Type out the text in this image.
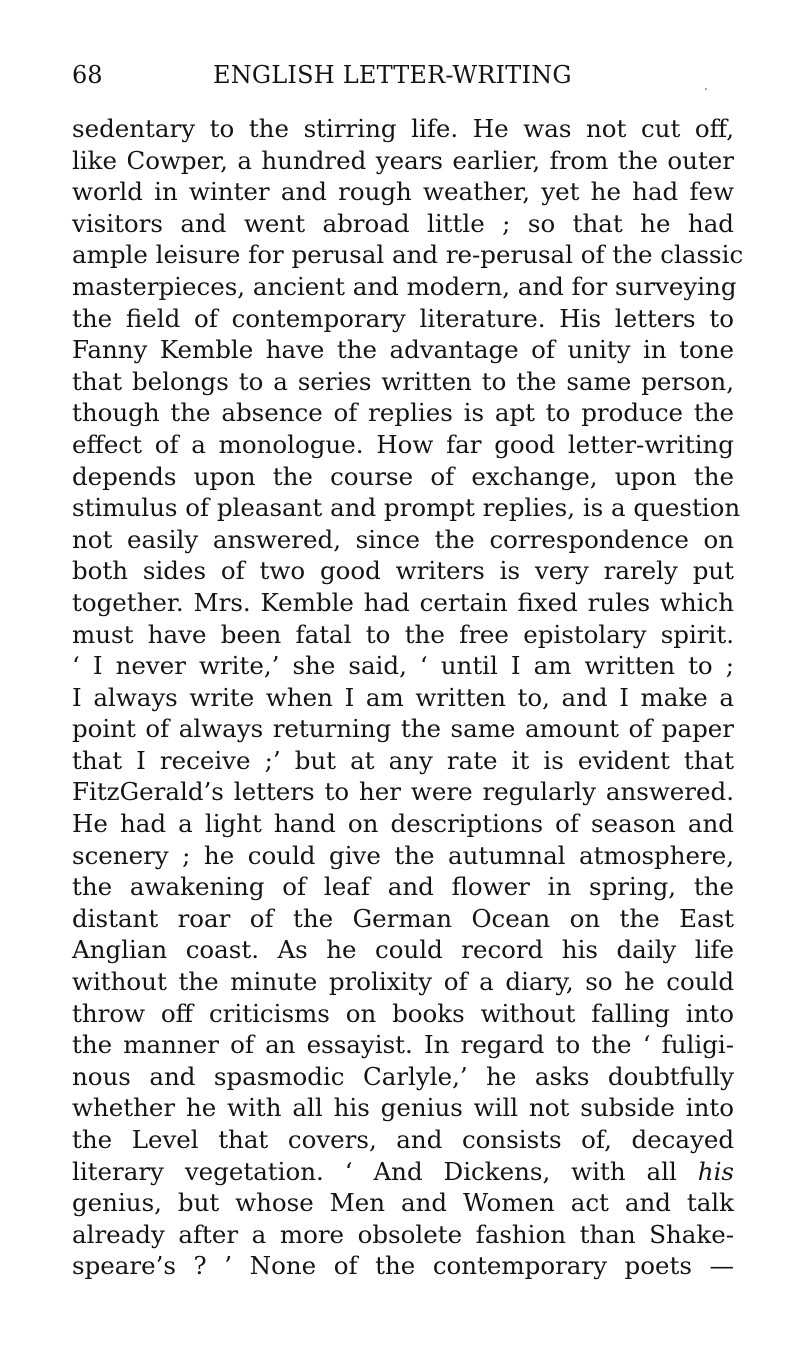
68	ENGLISH LETTER-WRITING
sedentary to the stirring life. He was not cut off,
like Cowper, a hundred years earlier, from the outer
world in winter and rough weather, yet he had few
visitors and went abroad little ; so that he had
ample leisure for perusal and re-perusal of the classic
masterpieces, ancient and modern, and for surveying
the field of contemporary literature. His letters to
Fanny Kemble have the advantage of unity in tone
that belongs to a series written to the same person,
though the absence of replies is apt to produce the
effect of a monologue. How far good letter-writing
depends upon the course of exchange, upon the
stimulus of pleasant and prompt replies, is a question
not easily answered, since the correspondence on
both sides of two good writers is very rarely put
together. Mrs. Kemble had certain fixed rules which
must have been fatal to the free epistolary spirit.
‘ I never write,’ she said, ‘ until I am written to ;
I always write when I am written to, and I make a
point of always returning the same amount of paper
that I receive ;’ but at any rate it is evident that
FitzGerald’s letters to her were regularly answered.
He had a light hand on descriptions of season and
scenery ; he could give the autumnal atmosphere,
the awakening of leaf and flower in spring, the
distant roar of the German Ocean on the East
Anglian coast. As he could record his daily life
without the minute prolixity of a diary, so he could
throw off criticisms on books without falling into
the manner of an essayist. In regard to the ‘ fuligi-
nous and spasmodic Carlyle,’ he asks doubtfully
whether he with all his genius will not subside into
the Level that covers, and consists of, decayed
literary vegetation. ‘ And Dickens, with all his
genius, but whose Men and Women act and talk
already after a more obsolete fashion than Shake-
speare’s ? ’ None of the contemporary poets —
